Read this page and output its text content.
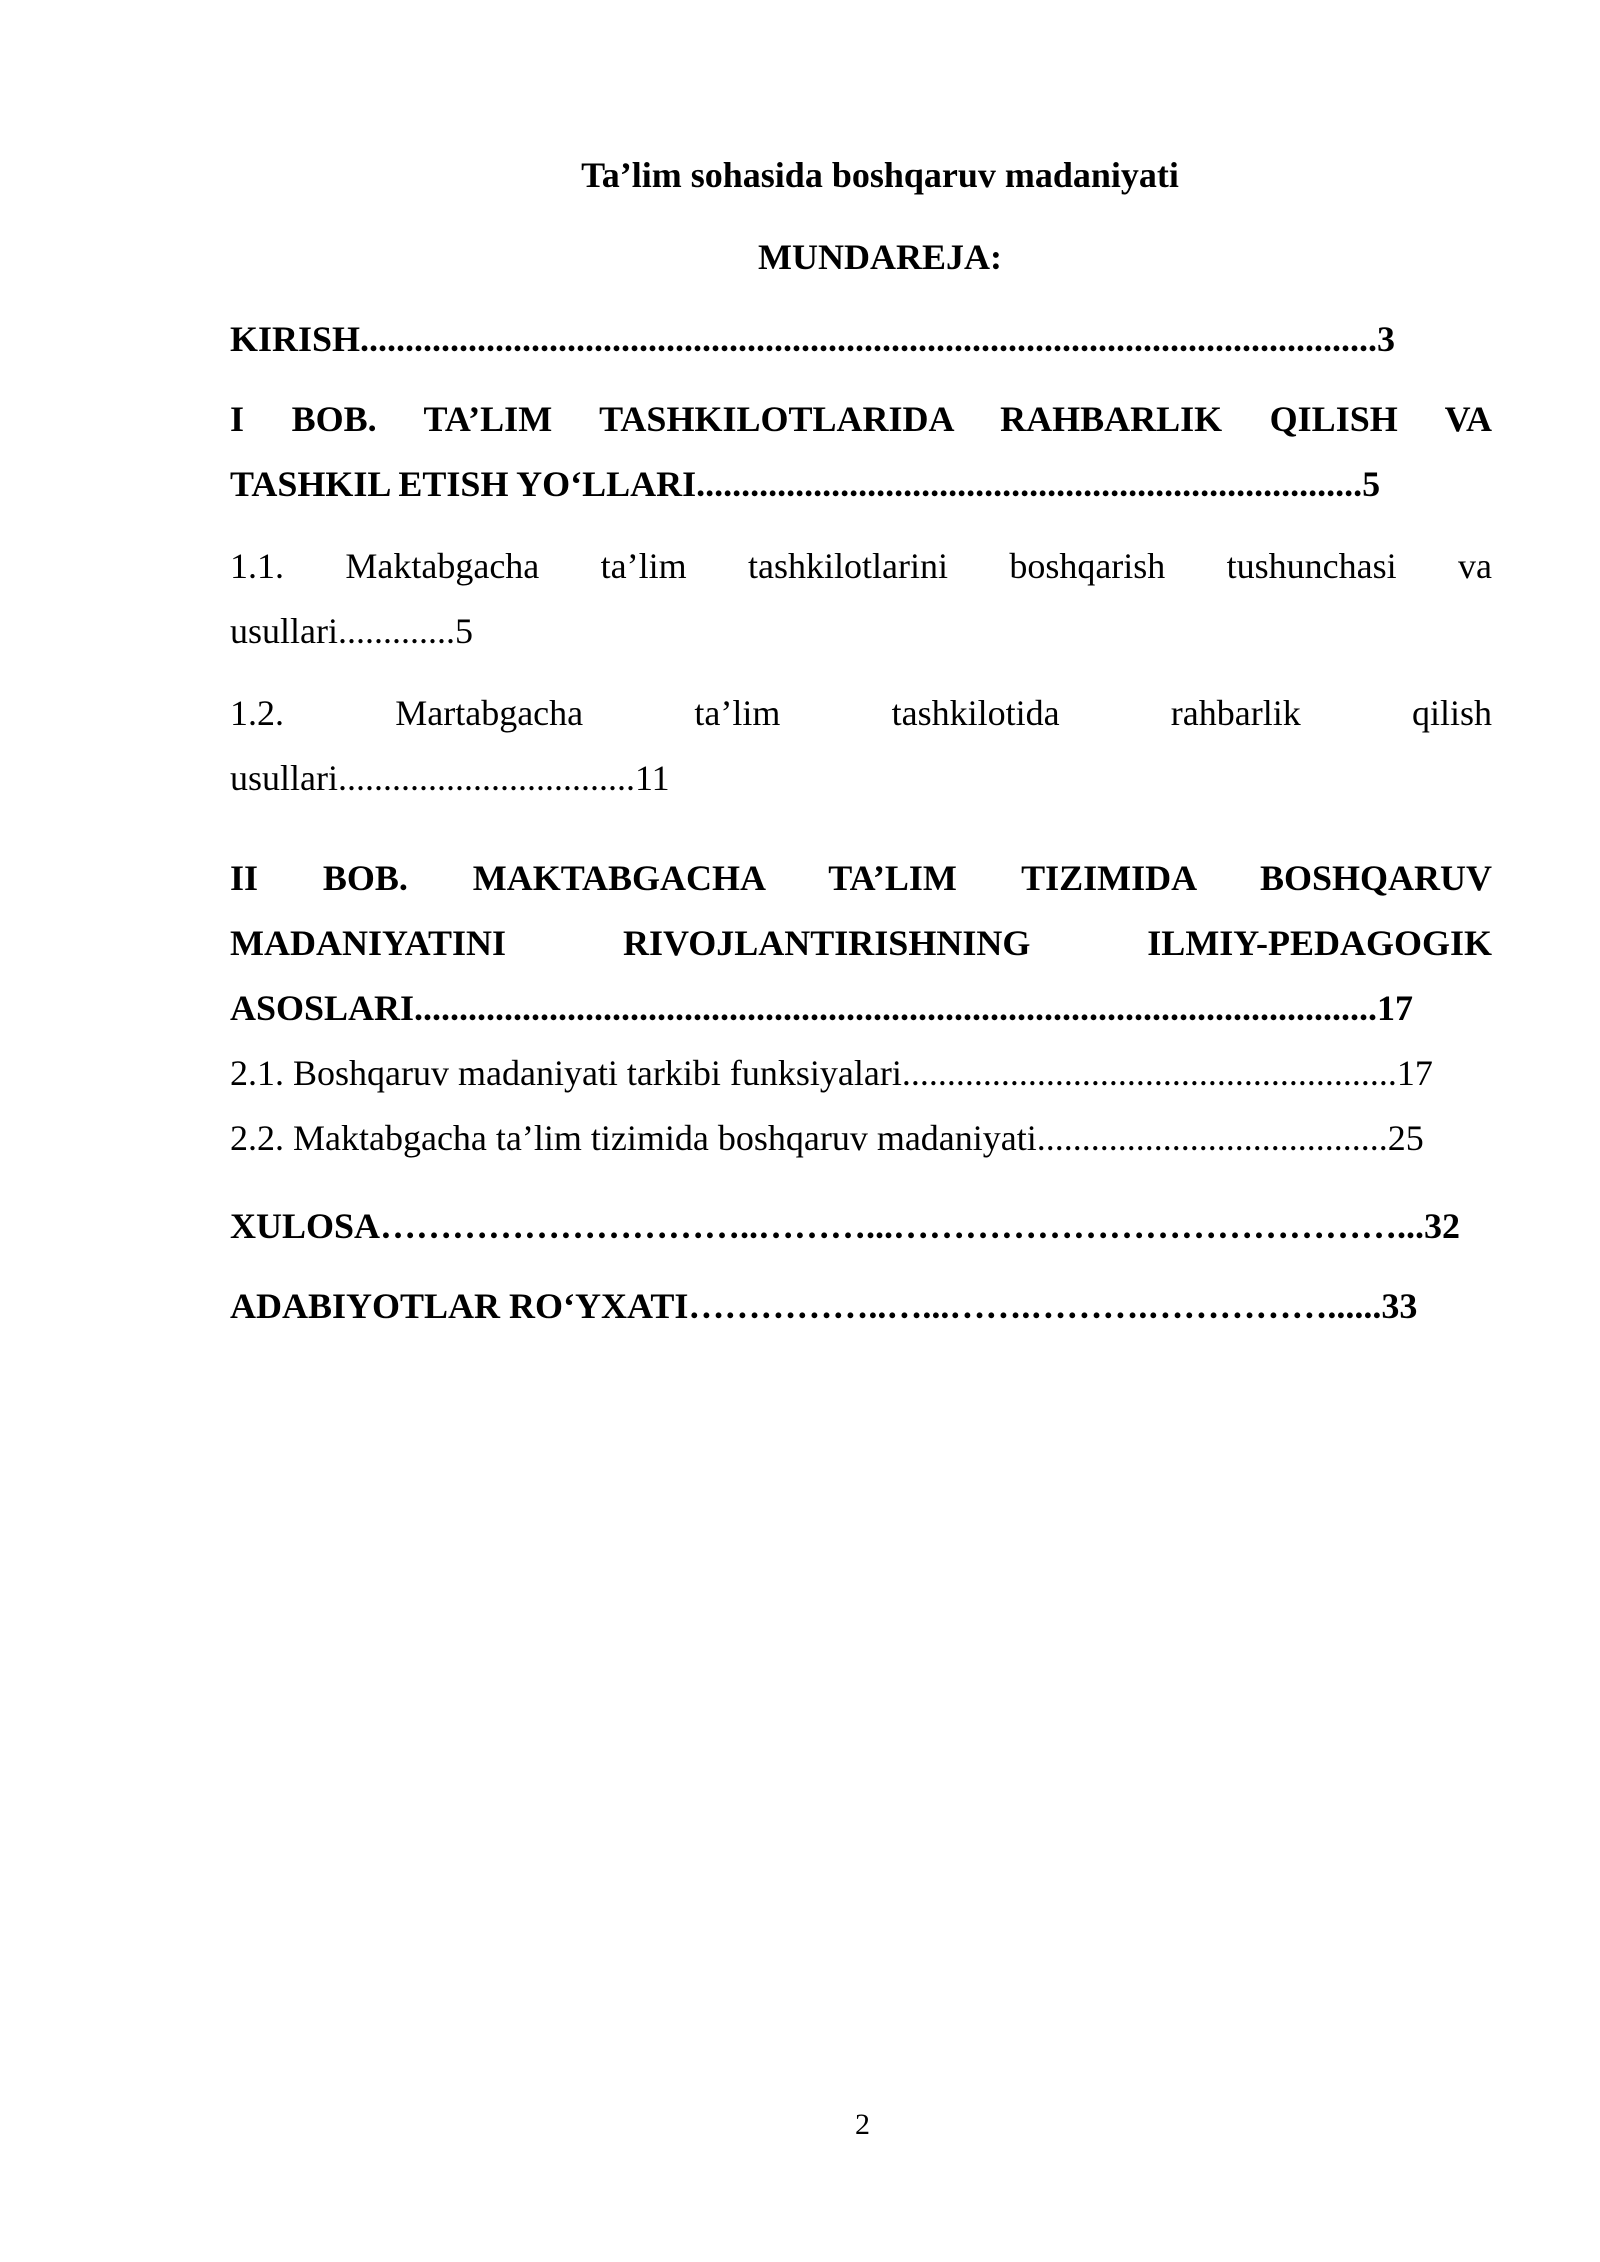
Ta’lim sohasida boshqaruv madaniyati
MUNDAREJA:
KIRISH.................................................................................................................3
I BOB. TA’LIM TASHKILOTLARIDA RAHBARLIK QILISH VA
TASHKIL ETISH YO‘LLARI..........................................................................5
1.1. Maktabgacha ta’lim tashkilotlarini boshqarish tushunchasi va
usullari.............5
1.2. Martabgacha ta’lim tashkilotida rahbarlik qilish
usullari.................................11
II BOB. MAKTABGACHA TA’LIM TIZIMIDA BOSHQARUV
MADANIYATINI RIVOJLANTIRISHNING ILMIY-PEDAGOGIK
ASOSLARI...........................................................................................................17
2.1. Boshqaruv madaniyati tarkibi funksiyalari.......................................................17
2.2. Maktabgacha ta’lim tizimida boshqaruv madaniyati.......................................25
XULOSA…………………………..………...……………………………………...32
ADABIYOTLAR RO‘YXATI……………..…...…….……….……………......33
2
